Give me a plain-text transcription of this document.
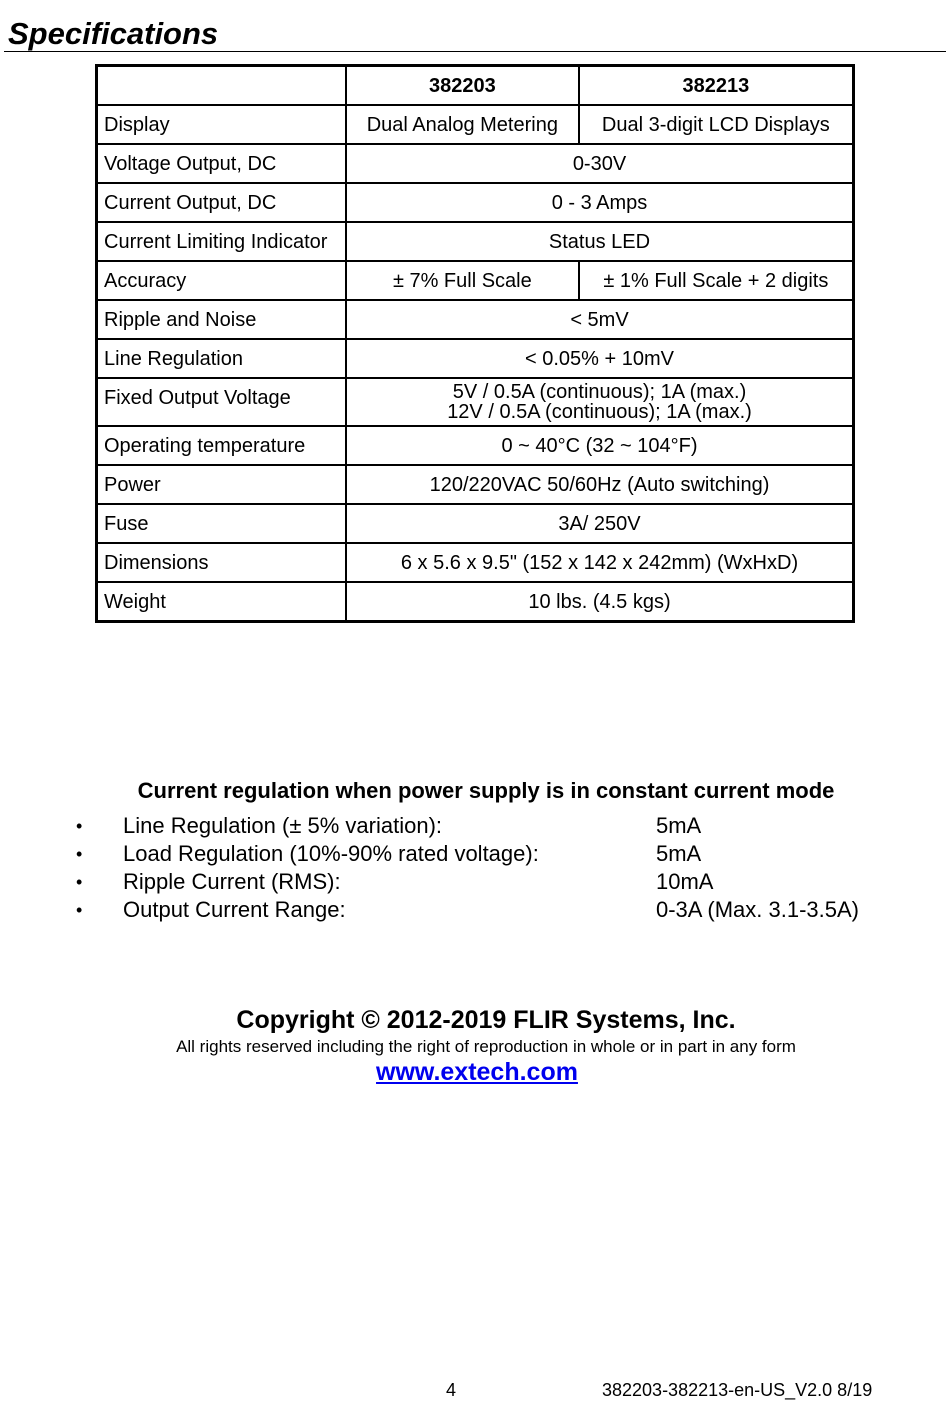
Specifications
	382203	382213
Display	Dual Analog Metering	Dual 3-digit LCD Displays
Voltage Output, DC	0-30V	
Current Output, DC	0 - 3 Amps	
Current Limiting Indicator	Status LED	
Accuracy	± 7% Full Scale	± 1% Full Scale + 2 digits
Ripple and Noise	< 5mV	
Line Regulation	< 0.05% + 10mV	
Fixed Output Voltage	5V / 0.5A (continuous); 1A (max.)
12V / 0.5A (continuous); 1A (max.)	

Operating temperature	0 ~ 40°C (32 ~ 104°F)	
Power	120/220VAC 50/60Hz (Auto switching)	
Fuse	3A/ 250V	
Dimensions	6 x 5.6 x 9.5" (152 x 142 x 242mm) (WxHxD)	
Weight	10 lbs. (4.5 kgs)	
Current regulation when power supply is in constant current mode
• Line Regulation (± 5% variation):	5mA
• Load Regulation (10%-90% rated voltage):	5mA
• Ripple Current (RMS):	10mA
• Output Current Range:	0-3A (Max. 3.1-3.5A)
Copyright © 2012-2019 FLIR Systems, Inc.
All rights reserved including the right of reproduction in whole or in part in any form
www.extech.com
4	382203-382213-en-US_V2.0 8/19
